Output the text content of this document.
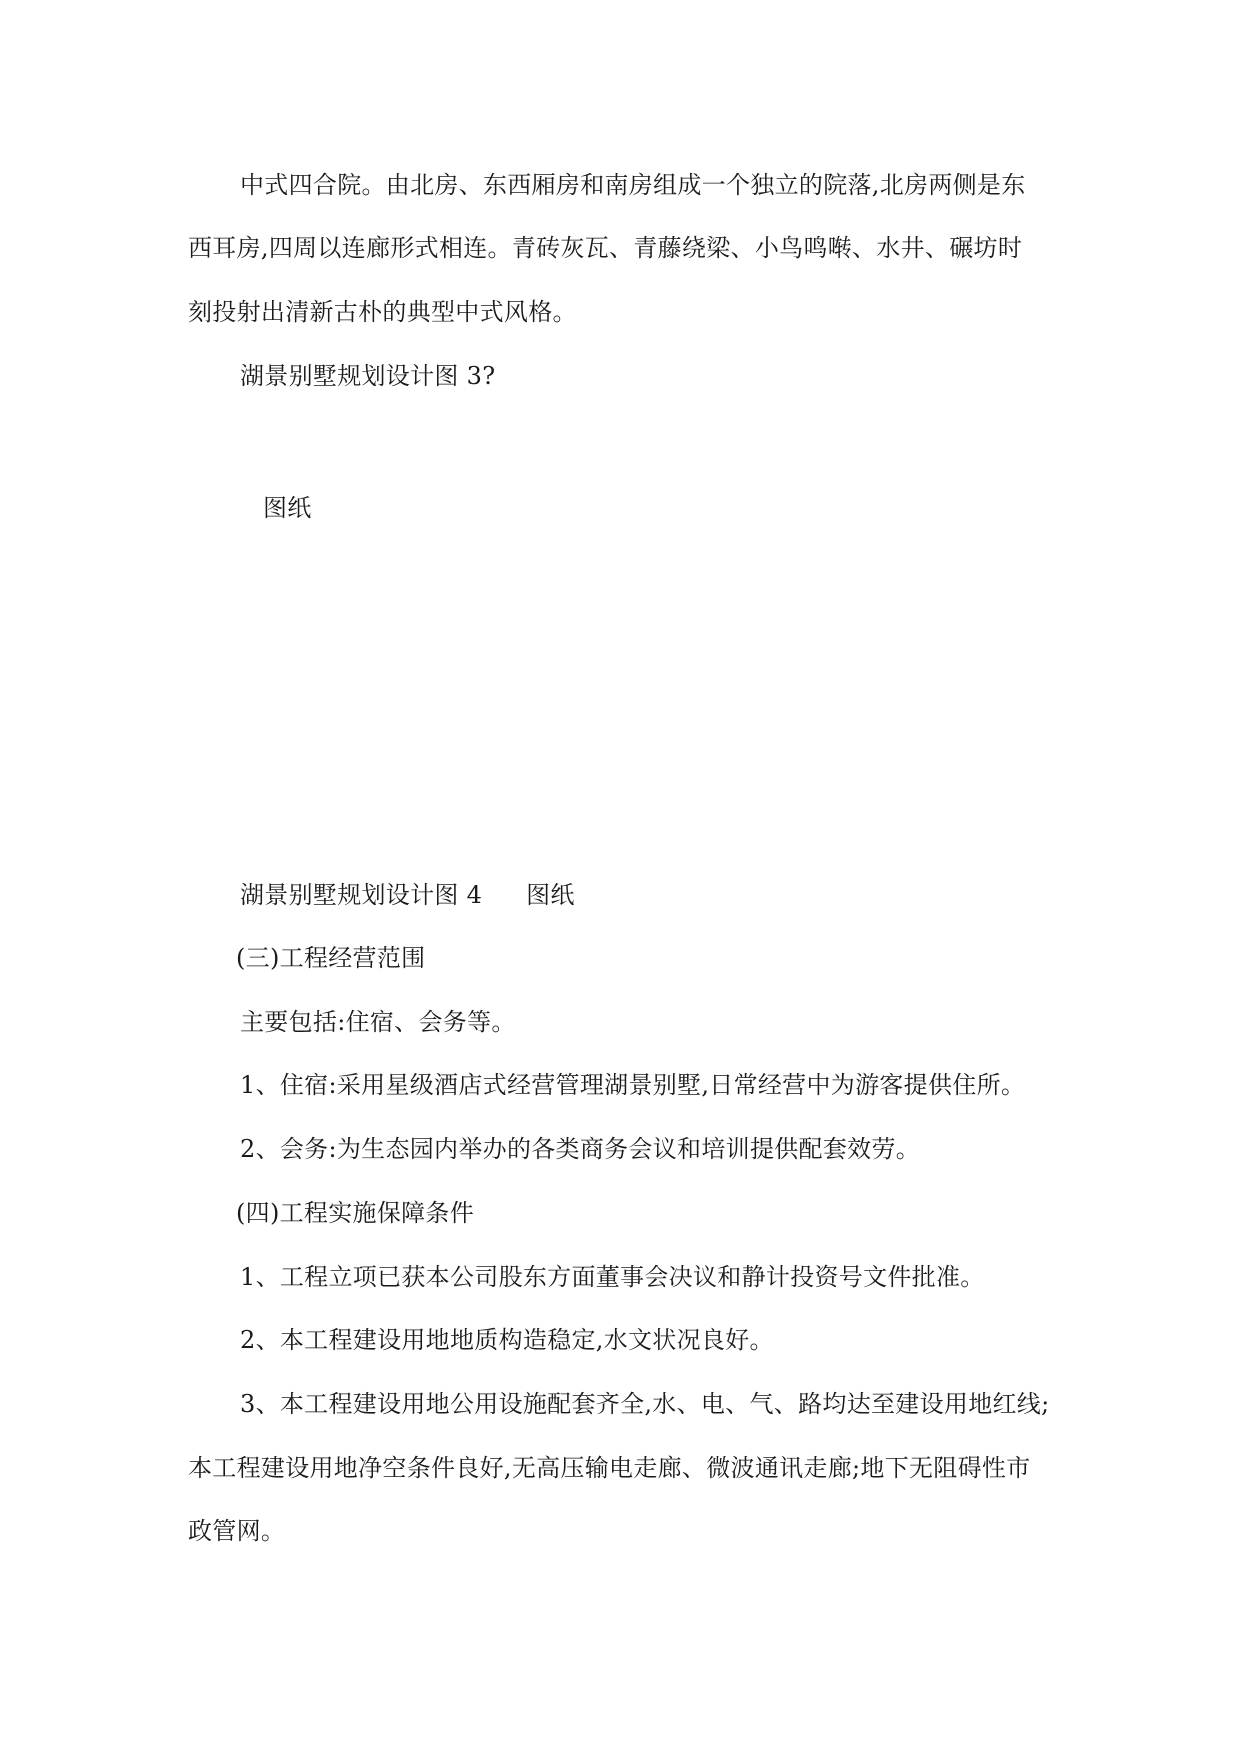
中式四合院。由北房、东西厢房和南房组成一个独立的院落,北房两侧是东
西耳房,四周以连廊形式相连。青砖灰瓦、青藤绕梁、小鸟鸣啭、水井、碾坊时
刻投射出清新古朴的典型中式风格。
湖景别墅规划设计图 3?
图纸
湖景别墅规划设计图 4 图纸
(三)工程经营范围
主要包括:住宿、会务等。
1、住宿:采用星级酒店式经营管理湖景别墅,日常经营中为游客提供住所。
2、会务:为生态园内举办的各类商务会议和培训提供配套效劳。
(四)工程实施保障条件
1、工程立项已获本公司股东方面董事会决议和静计投资号文件批准。
2、本工程建设用地地质构造稳定,水文状况良好。
3、本工程建设用地公用设施配套齐全,水、电、气、路均达至建设用地红线;
本工程建设用地净空条件良好,无高压输电走廊、微波通讯走廊;地下无阻碍性市
政管网。
